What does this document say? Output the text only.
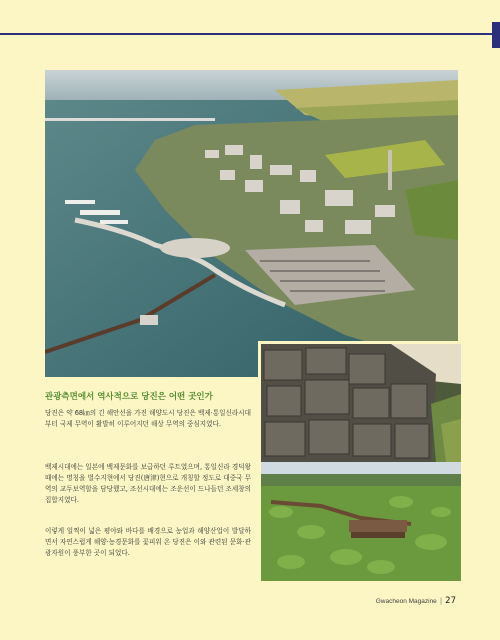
관광측면에서 역사적으로 당진은 어떤 곳인가

당진은 약 68㎞의 긴 해안선을 가진 해양도시 당진은 백제·통일신라시대부터 국제 무역이 활발히 이루어지던 해상 무역의 중심지였다.

백제시대에는 일본에 백제문화를 보급하던 루트였으며, 통일신라 경덕왕 때에는 명칭을 벌수지현에서 당진(唐津)현으로 개칭할 정도로 대중국 무역의 교두보역할을 담당했고, 조선시대에는 조운선이 드나들던 조세창의 집합지였다.

이렇게 일찍이 넓은 평야와 바다를 배경으로 농업과 해양산업이 발달하면서 자연스럽게 해양·농경문화를 꽃피워 온 당진은 이와 관련된 문화·관광자원이 풍부한 곳이 되었다.

Gwacheon Magazine | 27
